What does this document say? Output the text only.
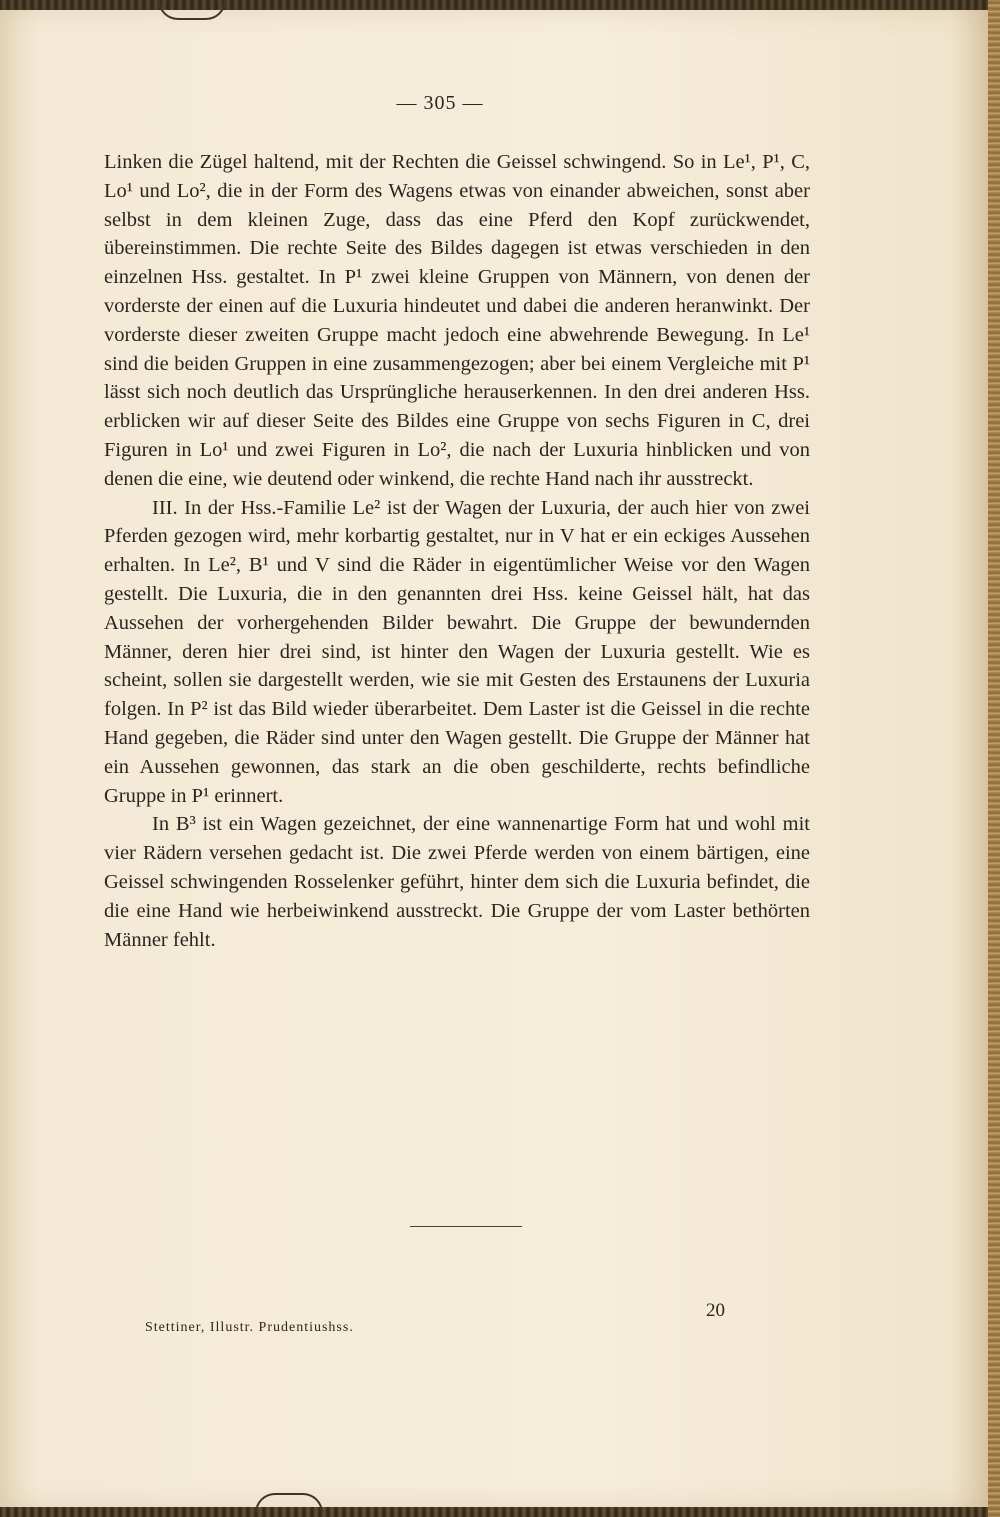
— 305 —

Linken die Zügel haltend, mit der Rechten die Geissel schwingend. So in Le¹, P¹, C, Lo¹ und Lo², die in der Form des Wagens etwas von einander abweichen, sonst aber selbst in dem kleinen Zuge, dass das eine Pferd den Kopf zurückwendet, übereinstimmen. Die rechte Seite des Bildes dagegen ist etwas verschieden in den einzelnen Hss. gestaltet. In P¹ zwei kleine Gruppen von Männern, von denen der vorderste der einen auf die Luxuria hindeutet und dabei die anderen heranwinkt. Der vorderste dieser zweiten Gruppe macht jedoch eine abwehrende Bewegung. In Le¹ sind die beiden Gruppen in eine zusammengezogen; aber bei einem Vergleiche mit P¹ lässt sich noch deutlich das Ursprüngliche herauserkennen. In den drei anderen Hss. erblicken wir auf dieser Seite des Bildes eine Gruppe von sechs Figuren in C, drei Figuren in Lo¹ und zwei Figuren in Lo², die nach der Luxuria hinblicken und von denen die eine, wie deutend oder winkend, die rechte Hand nach ihr ausstreckt.

III. In der Hss.-Familie Le² ist der Wagen der Luxuria, der auch hier von zwei Pferden gezogen wird, mehr korbartig gestaltet, nur in V hat er ein eckiges Aussehen erhalten. In Le², B¹ und V sind die Räder in eigentümlicher Weise vor den Wagen gestellt. Die Luxuria, die in den genannten drei Hss. keine Geissel hält, hat das Aussehen der vorhergehenden Bilder bewahrt. Die Gruppe der bewundernden Männer, deren hier drei sind, ist hinter den Wagen der Luxuria gestellt. Wie es scheint, sollen sie dargestellt werden, wie sie mit Gesten des Erstaunens der Luxuria folgen. In P² ist das Bild wieder überarbeitet. Dem Laster ist die Geissel in die rechte Hand gegeben, die Räder sind unter den Wagen gestellt. Die Gruppe der Männer hat ein Aussehen gewonnen, das stark an die oben geschilderte, rechts befindliche Gruppe in P¹ erinnert.

In B³ ist ein Wagen gezeichnet, der eine wannenartige Form hat und wohl mit vier Rädern versehen gedacht ist. Die zwei Pferde werden von einem bärtigen, eine Geissel schwingenden Rosselenker geführt, hinter dem sich die Luxuria befindet, die die eine Hand wie herbeiwinkend ausstreckt. Die Gruppe der vom Laster bethörten Männer fehlt.

20
Stettiner, Illustr. Prudentiushss.
